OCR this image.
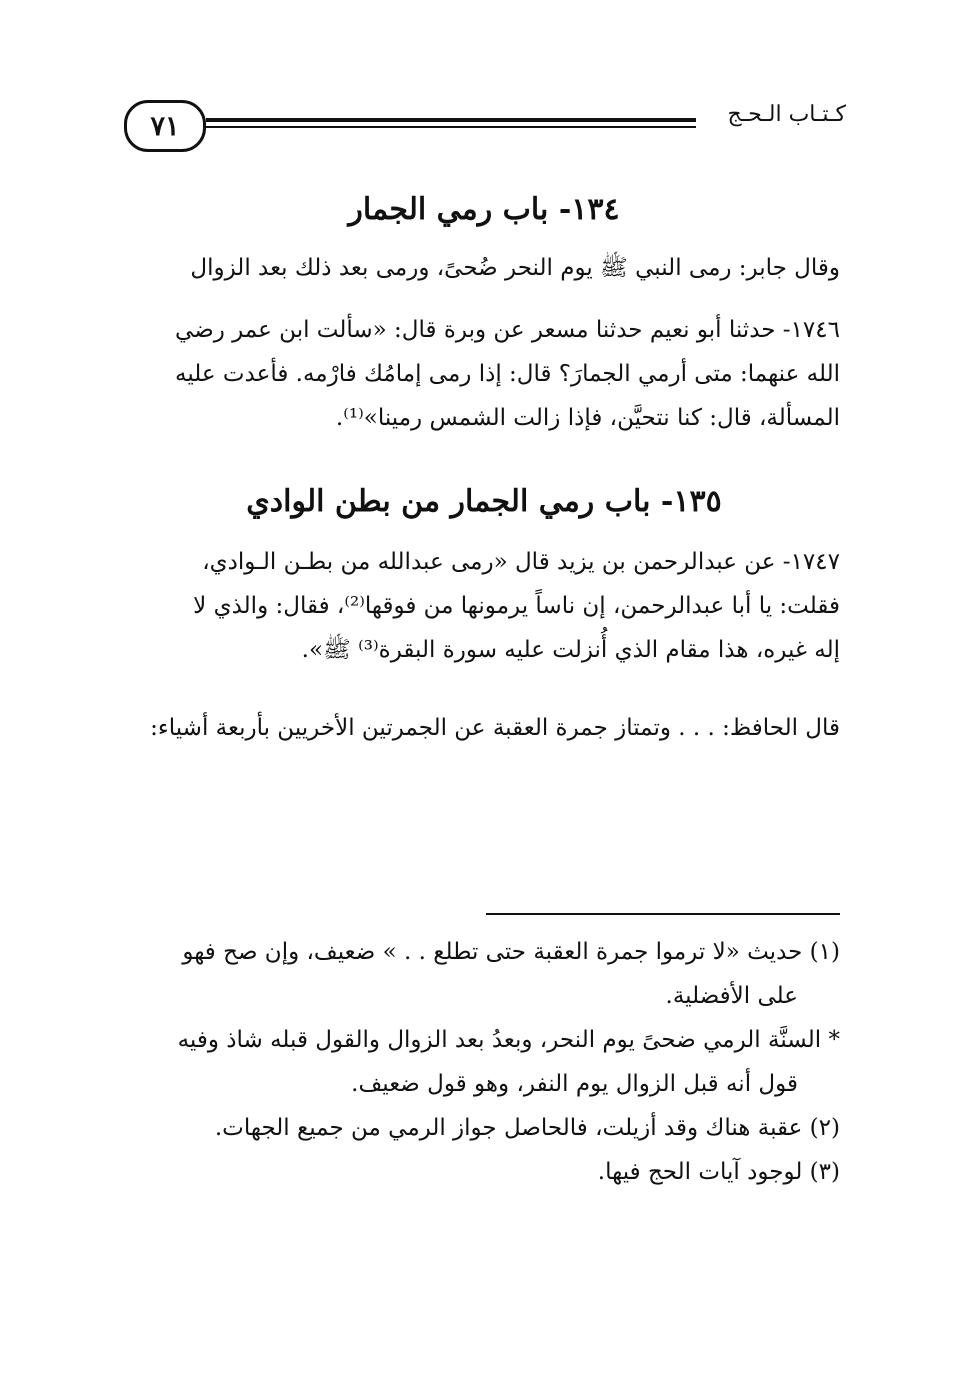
٧١	كـتـاب الـحـج
١٣٤- باب رمي الجمار

وقال جابر: رمى النبي ﷺ يوم النحر ضُحىً، ورمى بعد ذلك بعد الزوال

١٧٤٦- حدثنا أبو نعيم حدثنا مسعر عن وبرة قال: «سألت ابن عمر رضي
الله عنهما: متى أرمي الجمارَ؟ قال: إذا رمى إمامُك فارْمه. فأعدت عليه
المسألة، قال: كنا نتحيَّن، فإذا زالت الشمس رمينا»⁽¹⁾.

١٣٥- باب رمي الجمار من بطن الوادي

١٧٤٧- عن عبدالرحمن بن يزيد قال «رمى عبدالله من بطـن الـوادي،
فقلت: يا أبا عبدالرحمن، إن ناساً يرمونها من فوقها⁽²⁾، فقال: والذي لا
إله غيره، هذا مقام الذي أُنزلت عليه سورة البقرة⁽³⁾ ﷺ».

قال الحافظ: . . . وتمتاز جمرة العقبة عن الجمرتين الأخريين بأربعة أشياء:

(١) حديث «لا ترموا جمرة العقبة حتى تطلع . . » ضعيف، وإن صح فهو
على الأفضلية.

* السنَّة الرمي ضحىً يوم النحر، وبعدُ بعد الزوال والقول قبله شاذ وفيه
قول أنه قبل الزوال يوم النفر، وهو قول ضعيف.

(٢) عقبة هناك وقد أزيلت، فالحاصل جواز الرمي من جميع الجهات.

(٣) لوجود آيات الحج فيها.
